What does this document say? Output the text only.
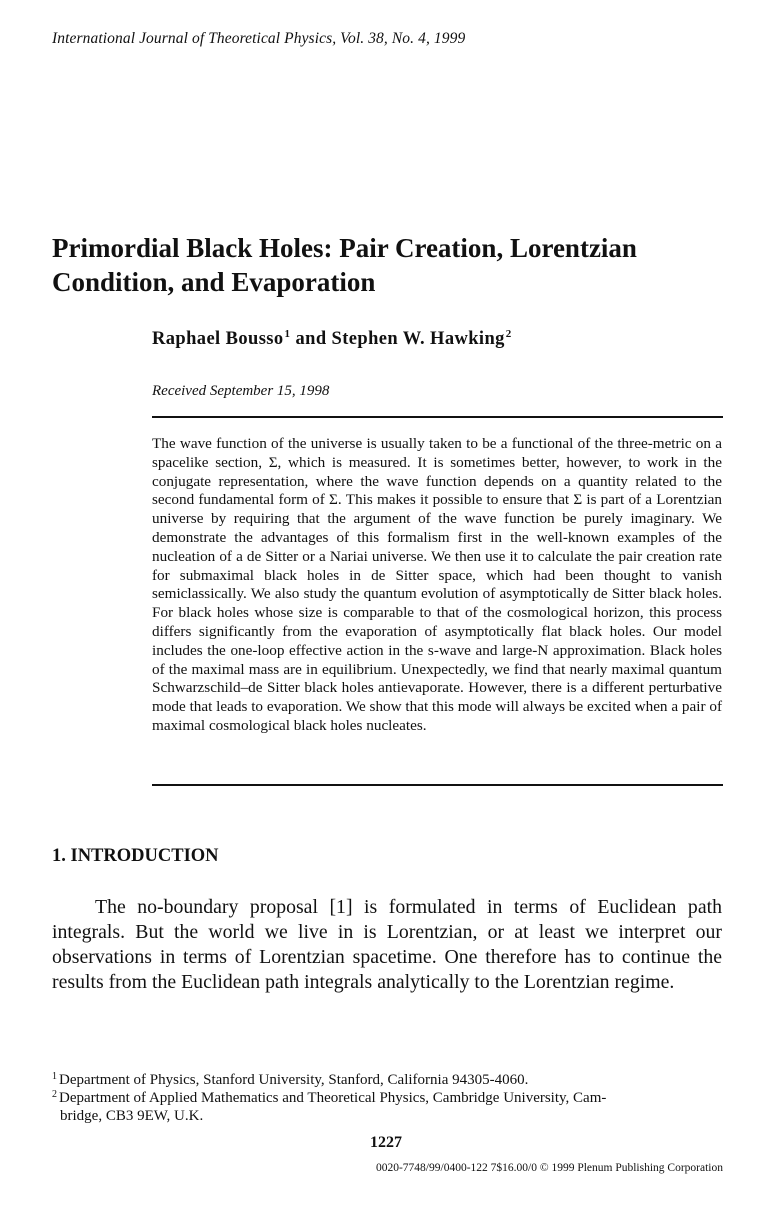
International Journal of Theoretical Physics, Vol. 38, No. 4, 1999
Primordial Black Holes: Pair Creation, Lorentzian Condition, and Evaporation
Raphael Bousso$^1$ and Stephen W. Hawking$^2$
Received September 15, 1998

The wave function of the universe is usually taken to be a functional of the three-metric on a spacelike section, Σ, which is measured. It is sometimes better, however, to work in the conjugate representation, where the wave function depends on a quantity related to the second fundamental form of Σ. This makes it possible to ensure that Σ is part of a Lorentzian universe by requiring that the argument of the wave function be purely imaginary. We demonstrate the advantages of this formalism first in the well-known examples of the nucleation of a de Sitter or a Nariai universe. We then use it to calculate the pair creation rate for submaximal black holes in de Sitter space, which had been thought to vanish semiclassically. We also study the quantum evolution of asymptotically de Sitter black holes. For black holes whose size is comparable to that of the cosmological horizon, this process differs significantly from the evaporation of asymptotically flat black holes. Our model includes the one-loop effective action in the s-wave and large-N approximation. Black holes of the maximal mass are in equilibrium. Unexpectedly, we find that nearly maximal quantum Schwarzschild–de Sitter black holes antievaporate. However, there is a different perturbative mode that leads to evaporation. We show that this mode will always be excited when a pair of maximal cosmological black holes nucleates.

1. INTRODUCTION

The no-boundary proposal [1] is formulated in terms of Euclidean path integrals. But the world we live in is Lorentzian, or at least we interpret our observations in terms of Lorentzian spacetime. One therefore has to continue the results from the Euclidean path integrals analytically to the Lorentzian regime.

$^1$ Department of Physics, Stanford University, Stanford, California 94305-4060.
$^2$ Department of Applied Mathematics and Theoretical Physics, Cambridge University, Cam-
bridge, CB3 9EW, U.K.
1227
0020-7748/99/0400-122 7$16.00/0 © 1999 Plenum Publishing Corporation
